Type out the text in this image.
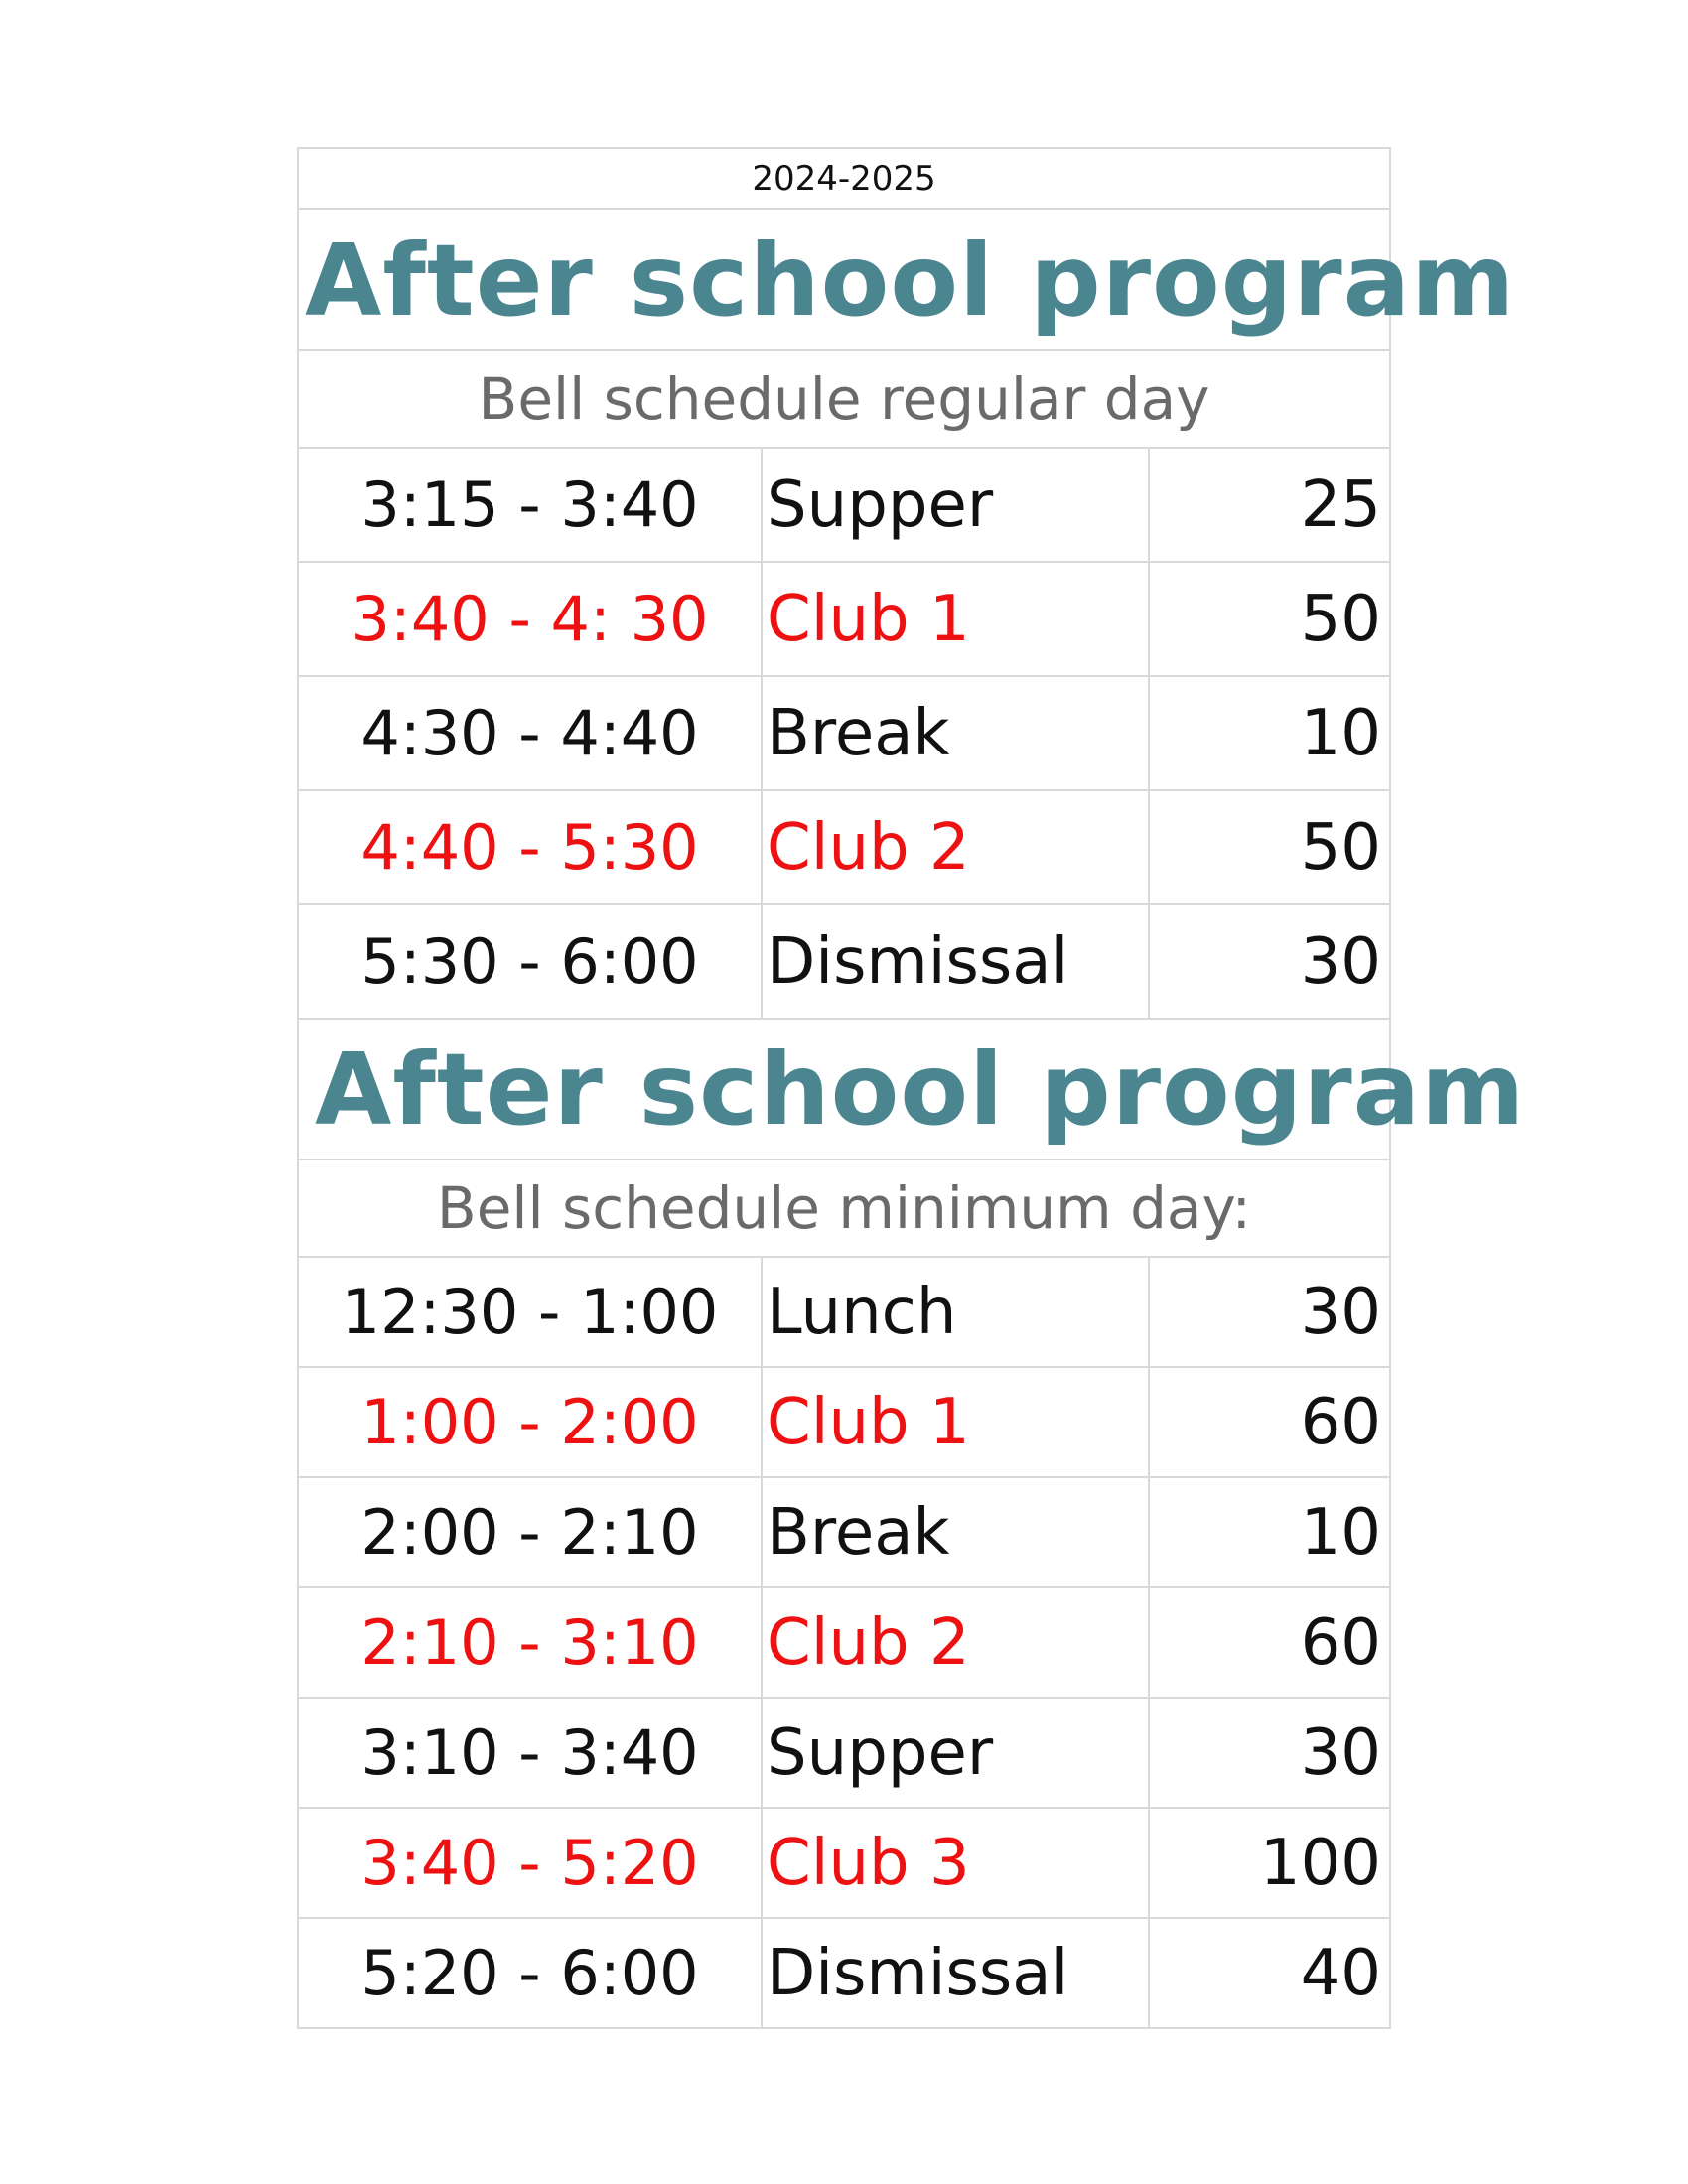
2024-2025		
After school program		
Bell schedule regular day		
3:15 - 3:40	Supper	25
3:40 - 4: 30	Club 1	50
4:30 - 4:40	Break	10
4:40 - 5:30	Club 2	50
5:30 - 6:00	Dismissal	30
After school program		
Bell schedule minimum day:		
12:30 - 1:00	Lunch	30
1:00 - 2:00	Club 1	60
2:00 - 2:10	Break	10
2:10 - 3:10	Club 2	60
3:10 - 3:40	Supper	30
3:40 - 5:20	Club 3	100
5:20 - 6:00	Dismissal	40
